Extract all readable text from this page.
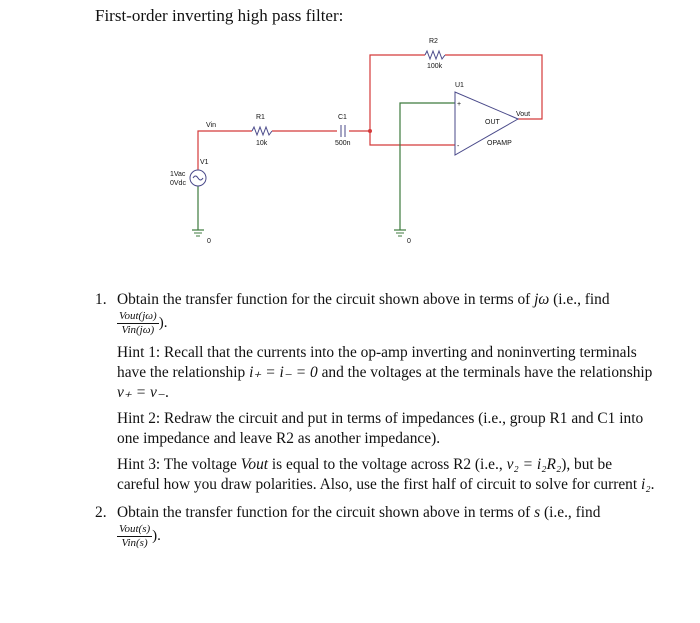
First-order inverting high pass filter:
R1
10k
C1
500n
R2
100k
+
-
U1
OUT
OPAMP
Vin
Vout
V1
1Vac
0Vdc
0	0
1. Obtain the transfer function for the circuit shown above in terms of jω (i.e., find

$\frac{\text{Vout(jω)}}{\text{Vin(jω)}}$ ).
Hint 1: Recall that the currents into the op-amp inverting and noninverting terminals have the relationship i₊ = i₋ = 0 and the voltages at the terminals have the relationship v₊ = v₋.
Hint 2: Redraw the circuit and put in terms of impedances (i.e., group R1 and C1 into one impedance and leave R2 as another impedance).
Hint 3: The voltage Vout is equal to the voltage across R2 (i.e., v₂ = i₂R₂), but be careful how you draw polarities. Also, use the first half of circuit to solve for current i₂.
2. Obtain the transfer function for the circuit shown above in terms of s (i.e., find

$\frac{\text{Vout(s)}}{\text{Vin(s)}}$ ).
